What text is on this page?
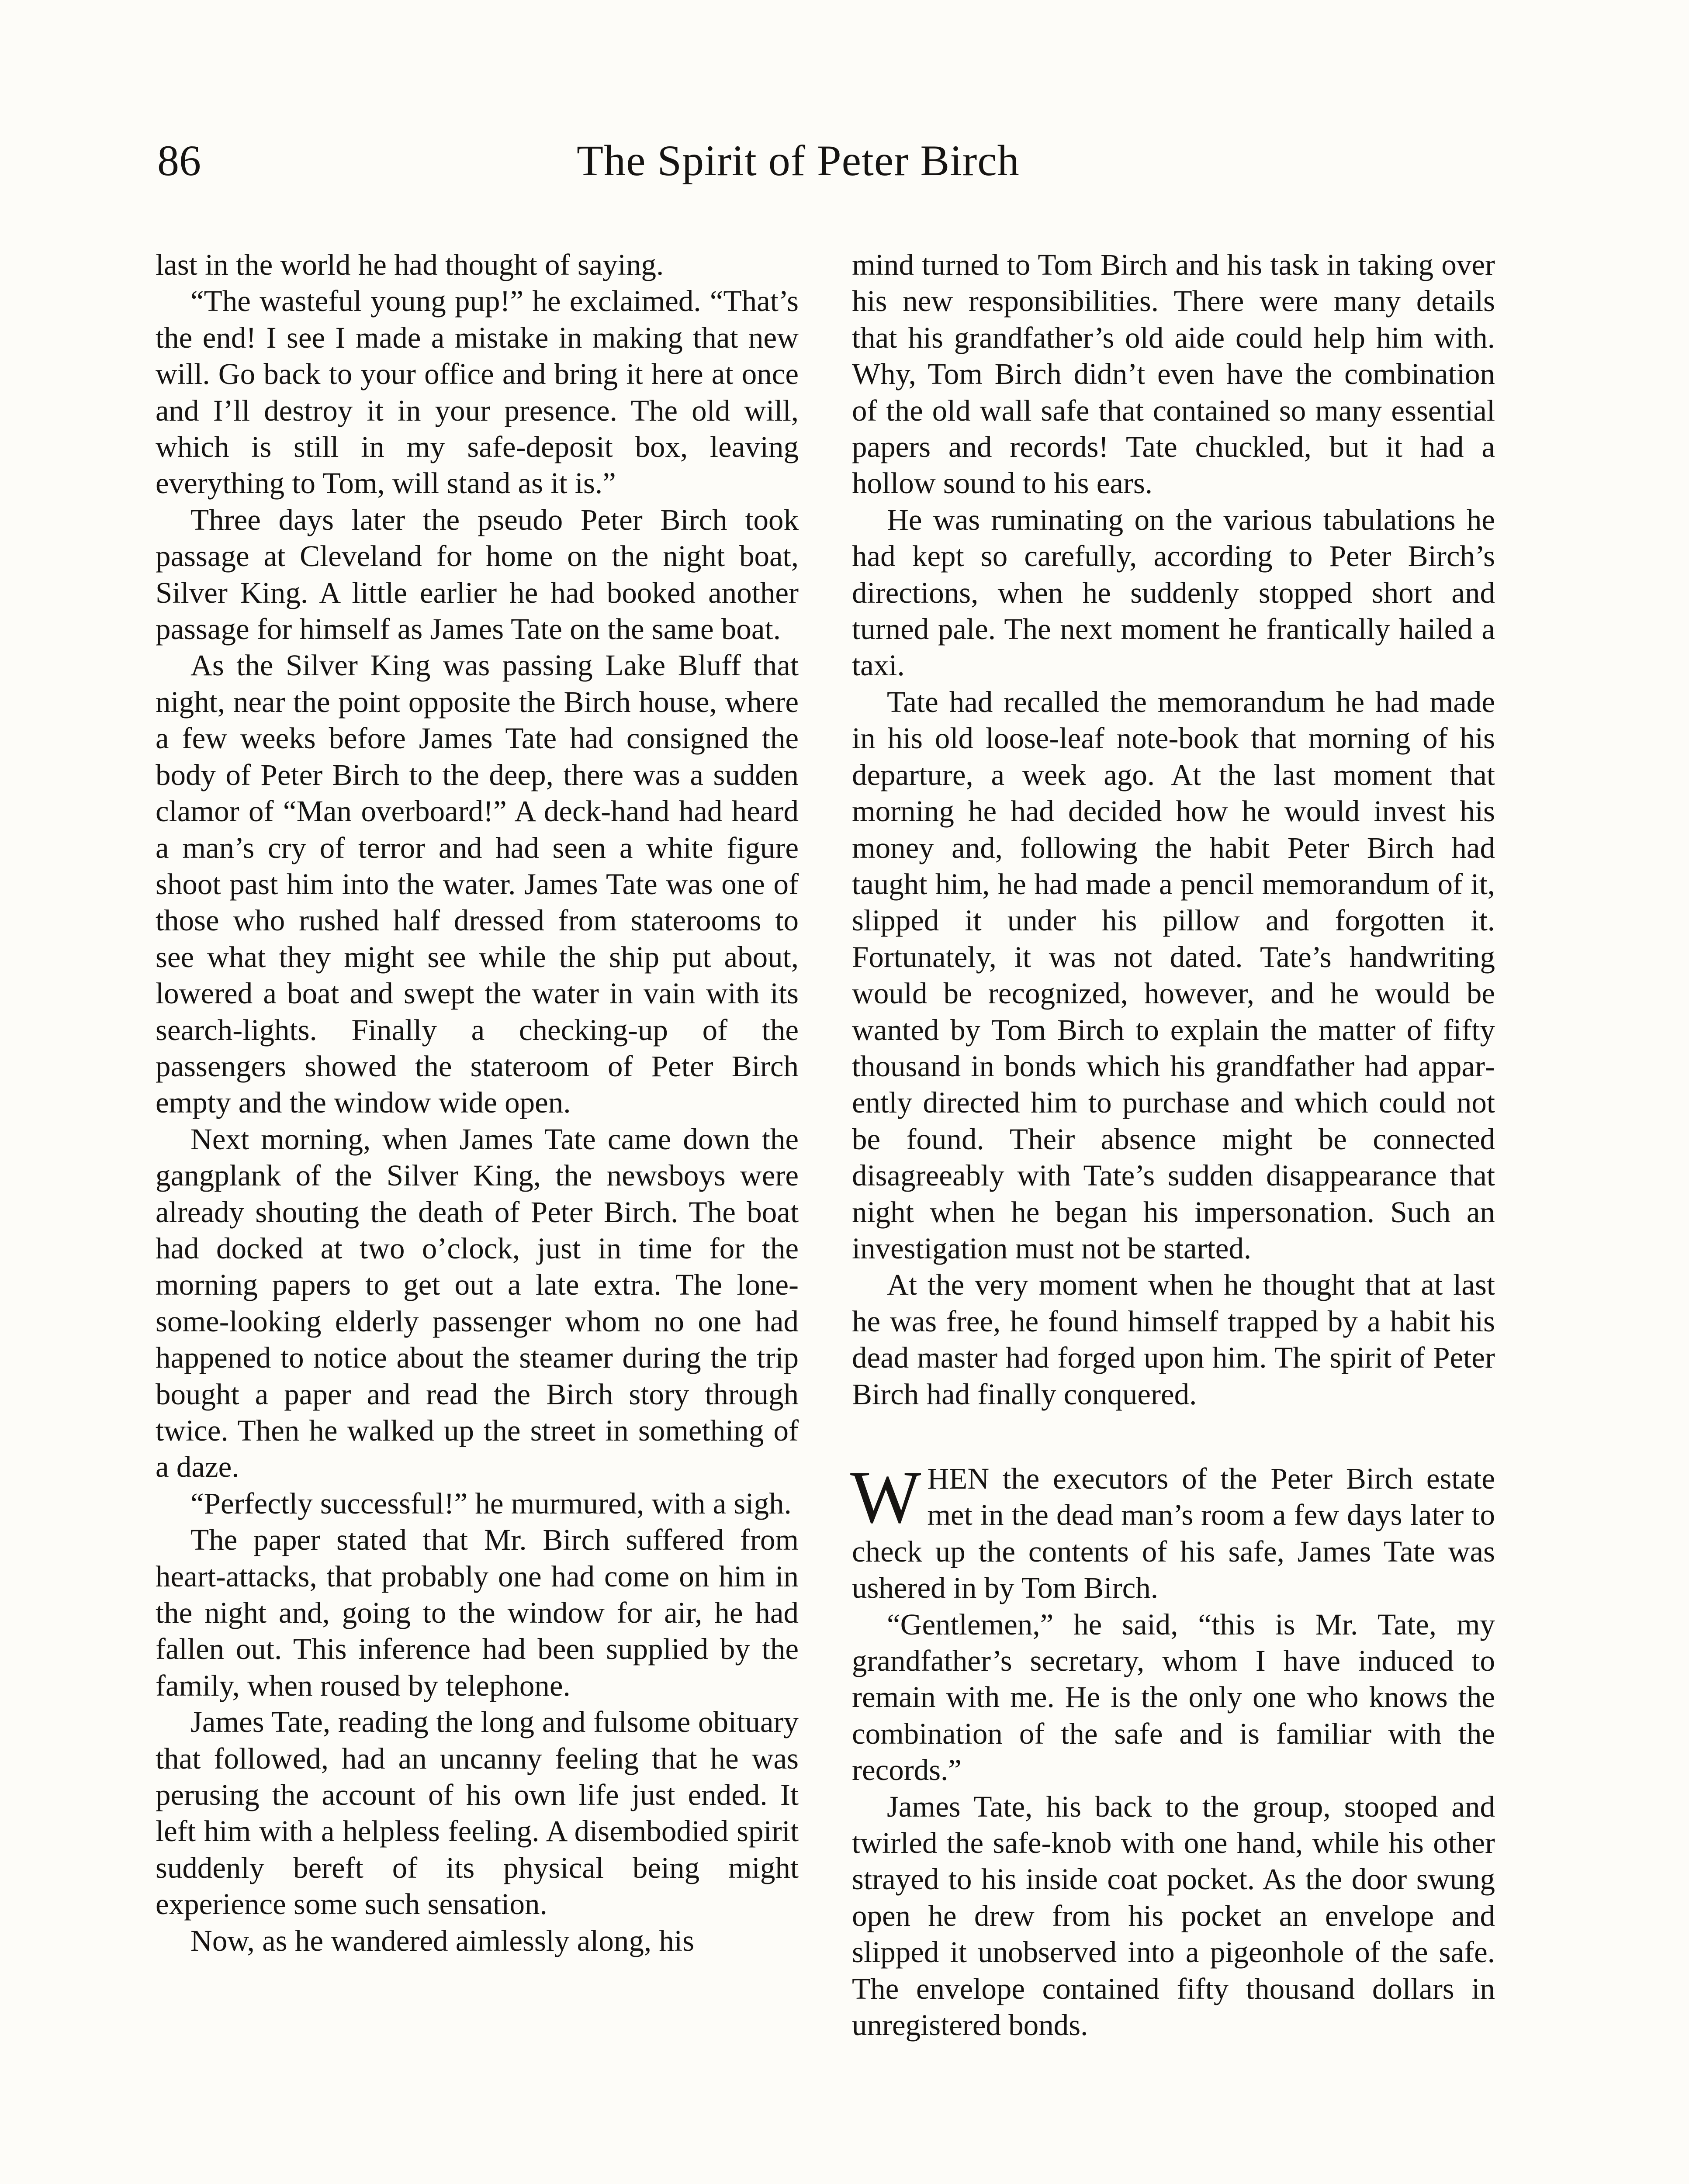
86	The Spirit of Peter Birch

last in the world he had thought of saying.

“The wasteful young pup!” he exclaimed. “That’s the end! I see I made a mistake in making that new will. Go back to your office and bring it here at once and I’ll destroy it in your presence. The old will, which is still in my safe-deposit box, leaving everything to Tom, will stand as it is.”

Three days later the pseudo Peter Birch took passage at Cleveland for home on the night boat, Silver King. A little earlier he had booked another passage for himself as James Tate on the same boat.

As the Silver King was passing Lake Bluff that night, near the point opposite the Birch house, where a few weeks before James Tate had consigned the body of Peter Birch to the deep, there was a sudden clamor of “Man overboard!” A deck-hand had heard a man’s cry of terror and had seen a white figure shoot past him into the water. James Tate was one of those who rushed half dressed from staterooms to see what they might see while the ship put about, lowered a boat and swept the water in vain with its search-lights. Finally a checking-up of the passengers showed the stateroom of Peter Birch empty and the window wide open.

Next morning, when James Tate came down the gangplank of the Silver King, the newsboys were already shouting the death of Peter Birch. The boat had docked at two o’clock, just in time for the morning papers to get out a late extra. The lonesome-looking elderly passenger whom no one had happened to notice about the steamer during the trip bought a paper and read the Birch story through twice. Then he walked up the street in something of a daze.

“Perfectly successful!” he murmured, with a sigh.

The paper stated that Mr. Birch suffered from heart-attacks, that probably one had come on him in the night and, going to the window for air, he had fallen out. This inference had been supplied by the family, when roused by telephone.

James Tate, reading the long and fulsome obituary that followed, had an uncanny feeling that he was perusing the account of his own life just ended. It left him with a helpless feeling. A disembodied spirit suddenly bereft of its physical being might experience some such sensation.

Now, as he wandered aimlessly along, his

mind turned to Tom Birch and his task in taking over his new responsibilities. There were many details that his grandfather’s old aide could help him with. Why, Tom Birch didn’t even have the combination of the old wall safe that contained so many essential papers and records! Tate chuckled, but it had a hollow sound to his ears.

He was ruminating on the various tabulations he had kept so carefully, according to Peter Birch’s directions, when he suddenly stopped short and turned pale. The next moment he frantically hailed a taxi.

Tate had recalled the memorandum he had made in his old loose-leaf note-book that morning of his departure, a week ago. At the last moment that morning he had decided how he would invest his money and, following the habit Peter Birch had taught him, he had made a pencil memorandum of it, slipped it under his pillow and forgotten it. Fortunately, it was not dated. Tate’s handwriting would be recognized, however, and he would be wanted by Tom Birch to explain the matter of fifty thousand in bonds which his grandfather had apparently directed him to purchase and which could not be found. Their absence might be connected disagreeably with Tate’s sudden disappearance that night when he began his impersonation. Such an investigation must not be started.

At the very moment when he thought that at last he was free, he found himself trapped by a habit his dead master had forged upon him. The spirit of Peter Birch had finally conquered.

WHEN the executors of the Peter Birch estate met in the dead man’s room a few days later to check up the contents of his safe, James Tate was ushered in by Tom Birch.

“Gentlemen,” he said, “this is Mr. Tate, my grandfather’s secretary, whom I have induced to remain with me. He is the only one who knows the combination of the safe and is familiar with the records.”

James Tate, his back to the group, stooped and twirled the safe-knob with one hand, while his other strayed to his inside coat pocket. As the door swung open he drew from his pocket an envelope and slipped it unobserved into a pigeonhole of the safe. The envelope contained fifty thousand dollars in unregistered bonds.
